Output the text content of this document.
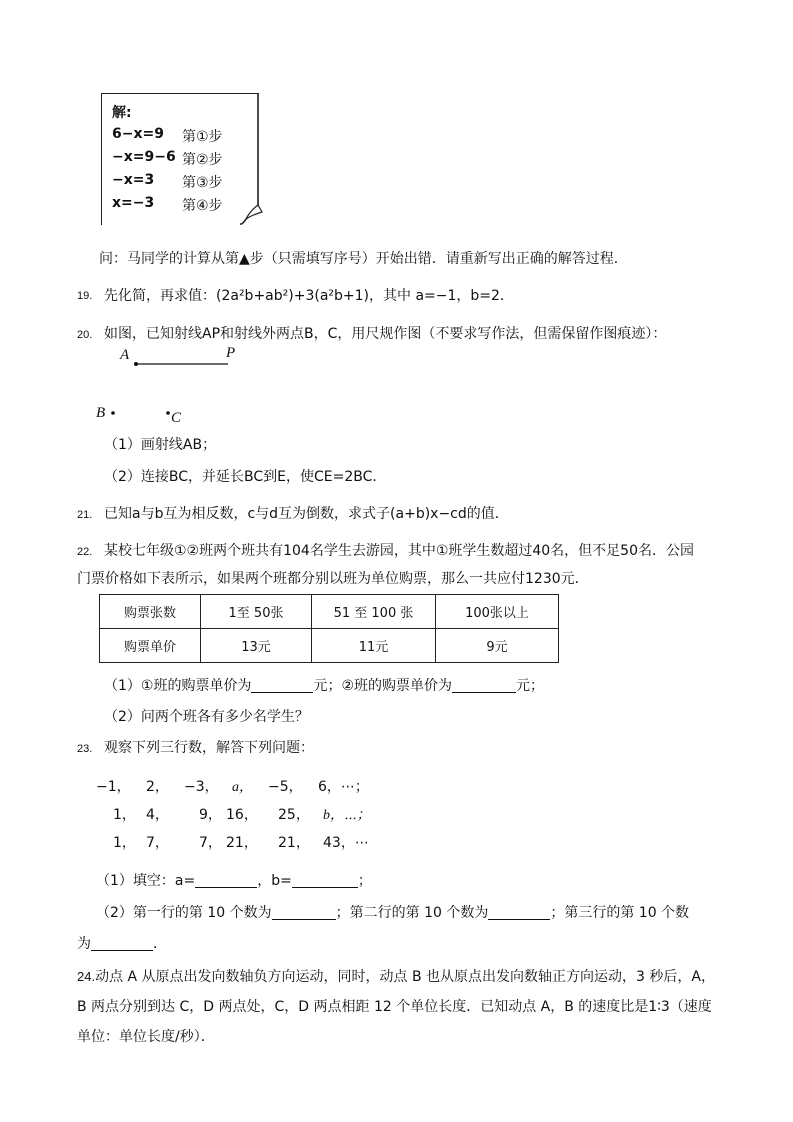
解:
6−x=9 第①步
−x=9−6 第②步
−x=3 第③步
x=−3 第④步
问：马同学的计算从第▲步（只需填写序号）开始出错．请重新写出正确的解答过程．
19. 先化简，再求值：(2a²b+ab²)+3(a²b+1)，其中 a=−1，b=2．
20. 如图，已知射线AP和射线外两点B，C，用尺规作图（不要求写作法，但需保留作图痕迹）：
A	P
B	C
（1）画射线AB；
（2）连接BC，并延长BC到E，使CE=2BC．
21. 已知a与b互为相反数，c与d互为倒数，求式子(a+b)x−cd的值．
22. 某校七年级①②班两个班共有104名学生去游园，其中①班学生数超过40名，但不足50名．公园
门票价格如下表所示，如果两个班都分别以班为单位购票，那么一共应付1230元．
购票张数	1至 50张	51 至 100 张	100张以上
购票单价	13元	11元	9元
（1）①班的购票单价为	元；②班的购票单价为	元；
（2）问两个班各有多少名学生？
23. 观察下列三行数，解答下列问题：
−1， 2， −3， a， −5， 6，⋯；
1， 4， 9， 16， 25， b，⋯；
1， 7， 7， 21， 21， 43，⋯
（1）填空：a=	，b=	；
（2）第一行的第 10 个数为	；第二行的第 10 个数为	；第三行的第 10 个数
为	．
24.动点 A 从原点出发向数轴负方向运动，同时，动点 B 也从原点出发向数轴正方向运动，3 秒后，A，
B 两点分别到达 C，D 两点处，C，D 两点相距 12 个单位长度．已知动点 A，B 的速度比是1∶3（速度
单位：单位长度/秒）．
